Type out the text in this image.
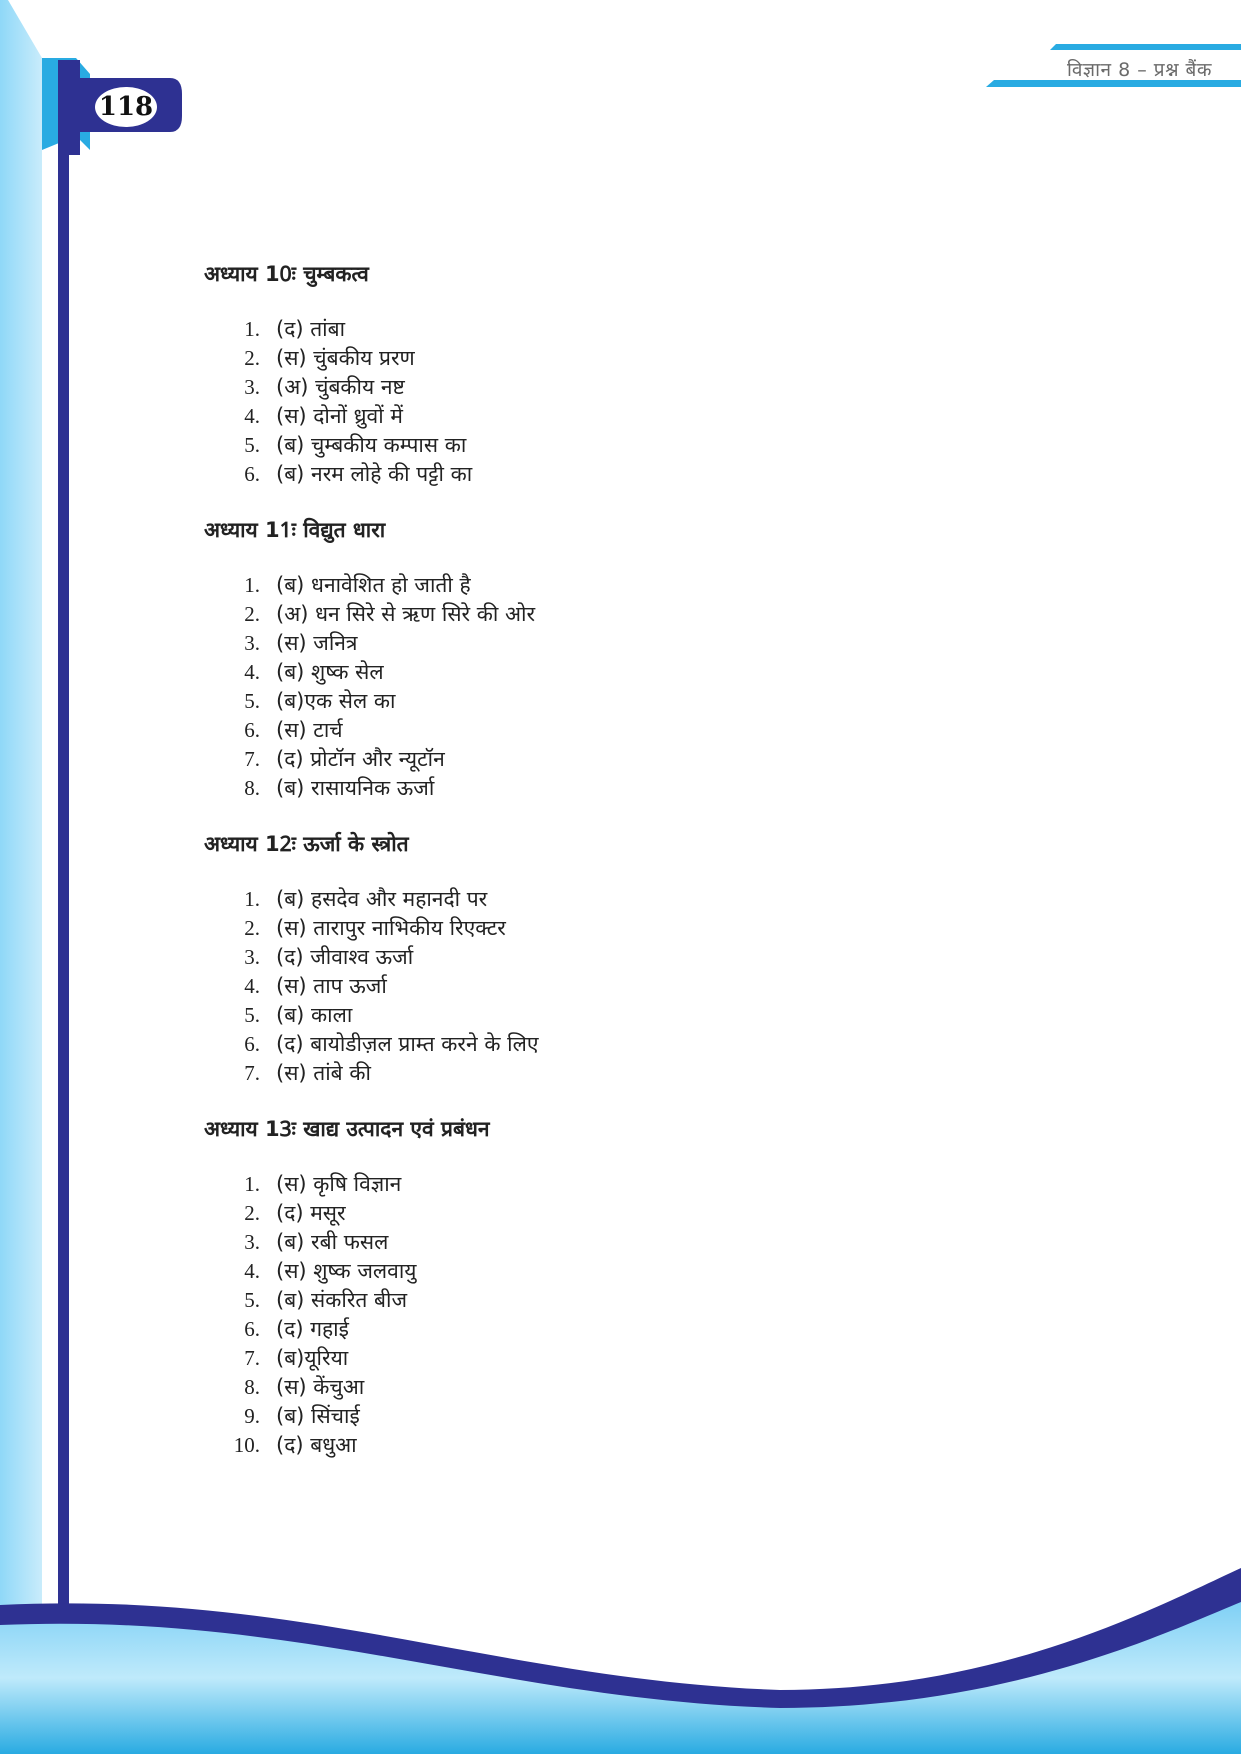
विज्ञान 8 – प्रश्न बैंक
118
अध्याय 10ः चुम्बकत्व
1. (द) तांबा
2. (स) चुंबकीय प्ररण
3. (अ) चुंबकीय नष्ट
4. (स) दोनों ध्रुवों में
5. (ब) चुम्बकीय कम्पास का
6. (ब) नरम लोहे की पट्टी का
अध्याय 11ः विद्युत धारा
1. (ब) धनावेशित हो जाती है
2. (अ) धन सिरे से ऋण सिरे की ओर
3. (स) जनित्र
4. (ब) शुष्क सेल
5. (ब)एक सेल का
6. (स) टार्च
7. (द) प्रोटॉन और न्यूटॉन
8. (ब) रासायनिक ऊर्जा
अध्याय 12ः ऊर्जा के स्त्रोत
1. (ब) हसदेव और महानदी पर
2. (स) तारापुर नाभिकीय रिएक्टर
3. (द) जीवाश्व ऊर्जा
4. (स) ताप ऊर्जा
5. (ब) काला
6. (द) बायोडीज़ल प्राम्त करने के लिए
7. (स) तांबे की
अध्याय 13ः खाद्य उत्पादन एवं प्रबंधन
1. (स) कृषि विज्ञान
2. (द) मसूर
3. (ब) रबी फसल
4. (स) शुष्क जलवायु
5. (ब) संकरित बीज
6. (द) गहाई
7. (ब)यूरिया
8. (स) केंचुआ
9. (ब) सिंचाई
10. (द) बधुआ
